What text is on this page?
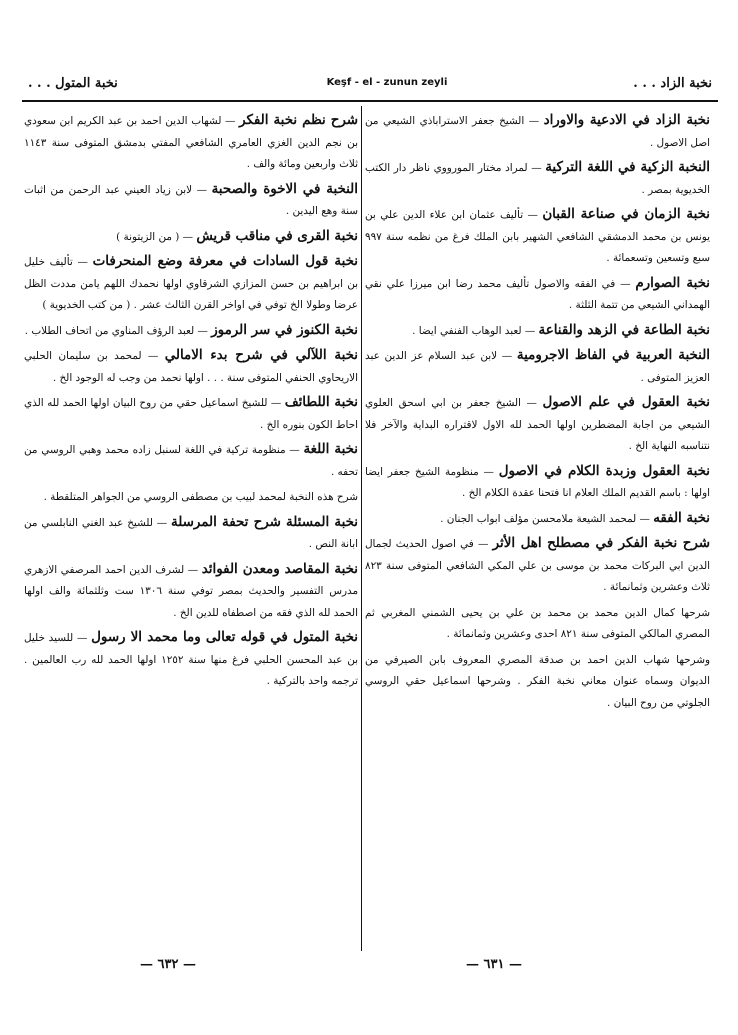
نخبة المتول . . .	Keşf - el - zunun zeyli	نخبة الزاد . . .

نخبة الزاد في الادعية والاوراد — الشيخ جعفر الاستراباذي الشيعي من اصل الاصول .

النخبة الزكية في اللغة التركية — لمراد مختار المورووي ناظر دار الكتب الخديوية بمصر .

نخبة الزمان في صناعة القبان — تأليف عثمان ابن علاء الدين علي بن يونس بن محمد الدمشقي الشافعي الشهير بابن الملك فرغ من نظمه سنة ٩٩٧ سبع وتسعين وتسعمائة .

نخبة الصوارم — في الفقه والاصول تأليف محمد رضا ابن ميرزا علي نقي الهمداني الشيعي من تتمة الثلثة .

نخبة الطاعة في الزهد والقناعة — لعبد الوهاب الفنفي ايضا .

النخبة العربية في الفاظ الاجرومية — لابن عبد السلام عز الدين عبد العزيز المتوفى .

نخبة العقول في علم الاصول — الشيخ جعفر بن ابي اسحق العلوي الشيعي من اجابة المضطرين اولها الحمد لله الاول لاقتراره البداية والآخر فلا نتناسبه النهاية الخ .

نخبة العقول وزبدة الكلام في الاصول — منظومة الشيخ جعفر ايضا اولها : باسم القديم الملك العلام انا فتحنا عقدة الكلام الخ .

نخبة الفقه — لمحمد الشيعة ملامحسن مؤلف ابواب الجنان .

شرح نخبة الفكر في مصطلح اهل الأثر — في اصول الحديث لجمال الدين ابي البركات محمد بن موسى بن علي المكي الشافعي المتوفى سنة ٨٢٣ ثلاث وعشرين وثمانمائة .

شرحها كمال الدين محمد بن محمد بن علي بن يحيى الشمني المغربي ثم المصري المالكي المتوفى سنة ٨٢١ احدى وعشرين وثمانمائة .

وشرحها شهاب الدين احمد بن صدقة المصري المعروف بابن الصيرفي من الديوان وسماه عنوان معاني نخبة الفكر . وشرحها اسماعيل حقي الروسي الجلوتي من روح البيان .

شرح نظم نخبة الفكر — لشهاب الدين احمد بن عبد الكريم ابن سعودي بن نجم الدين الغزي العامري الشافعي المفتي بدمشق المتوفى سنة ١١٤٣ ثلاث واربعين ومائة والف .

النخبة في الاخوة والصحبة — لابن زياد العيني عبد الرحمن من اثبات سنة وهع اليدين .

نخبة القرى في مناقب قريش — ( من الزيتونة )

نخبة قول السادات في معرفة وضع المنحرفات — تأليف خليل بن ابراهيم بن حسن المزازي الشرقاوي اولها نحمدك اللهم يامن مددت الظل عرضا وطولا الخ توفي في اواخر القرن الثالث عشر . ( من كتب الخديوية )

نخبة الكنوز في سر الرموز — لعبد الرؤف المناوي من اتحاف الطلاب .

نخبة اللآلي في شرح بدء الامالي — لمحمد بن سليمان الحلبي الاريحاوي الحنفي المتوفى سنة . . . اولها نحمد من وجب له الوجود الخ .

نخبة اللطائف — للشيخ اسماعيل حقي من روح البيان اولها الحمد لله الذي احاط الكون بنوره الخ .

نخبة اللغة — منظومة تركية في اللغة لسنبل زاده محمد وهبي الروسي من تحفه .

شرح هذه النخبة لمحمد لبيب بن مصطفى الروسي من الجواهر المتلقطة .

نخبة المسئلة شرح تحفة المرسلة — للشيخ عبد الغني النابلسي من ابانة النص .

نخبة المقاصد ومعدن الفوائد — لشرف الدين احمد المرصفي الازهري مدرس التفسير والحديث بمصر توفي سنة ١٣٠٦ ست وثلثمائة والف اولها الحمد لله الذي فقه من اصطفاه للدين الخ .

نخبة المتول في قوله تعالى وما محمد الا رسول — للسيد خليل بن عبد المحسن الحلبي فرغ منها سنة ١٢٥٢ اولها الحمد لله رب العالمين . ترجمه واحد بالتركية .

— ٦٣٢ —	— ٦٣١ —
